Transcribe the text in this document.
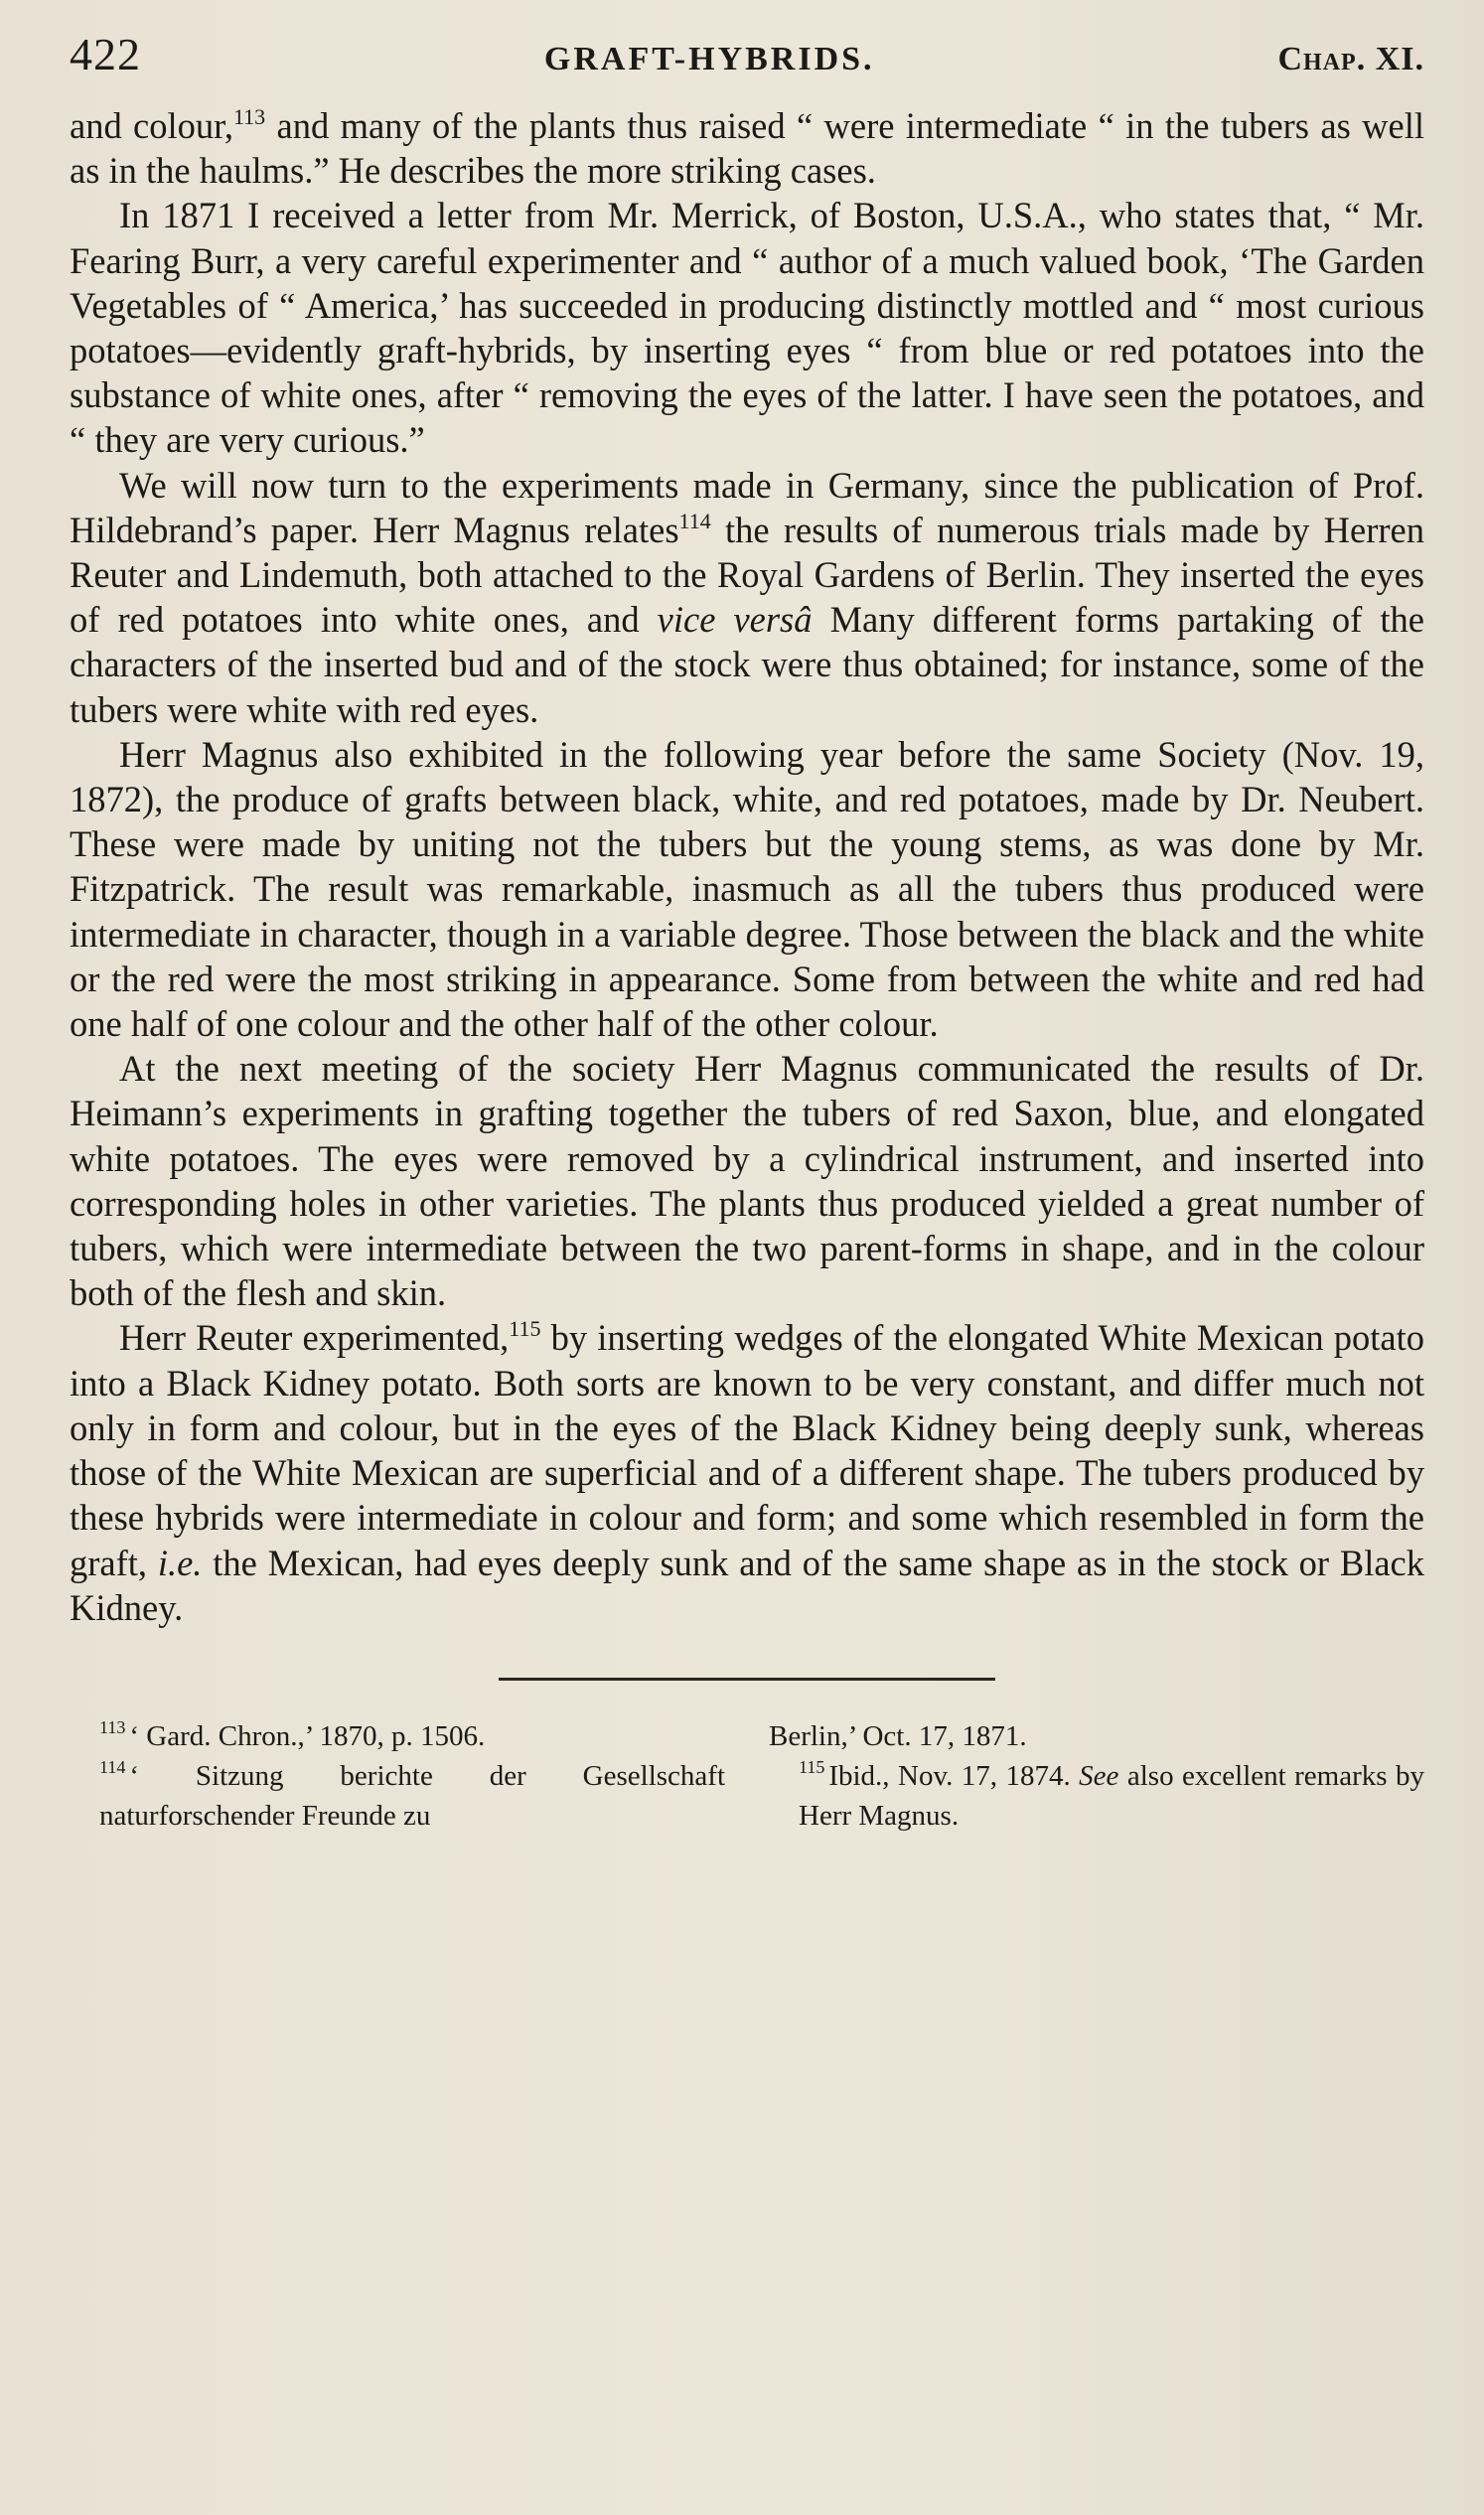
422	GRAFT-HYBRIDS.	Chap. XI.

and colour,$^{113}$ and many of the plants thus raised “ were intermediate “ in the tubers as well as in the haulms.” He describes the more striking cases.

In 1871 I received a letter from Mr. Merrick, of Boston, U.S.A., who states that, “ Mr. Fearing Burr, a very careful experimenter and “ author of a much valued book, ‘The Garden Vegetables of “ America,’ has succeeded in producing distinctly mottled and “ most curious potatoes—evidently graft-hybrids, by inserting eyes “ from blue or red potatoes into the substance of white ones, after “ removing the eyes of the latter. I have seen the potatoes, and “ they are very curious.”

We will now turn to the experiments made in Germany, since the publication of Prof. Hildebrand’s paper. Herr Magnus relates$^{114}$ the results of numerous trials made by Herren Reuter and Lindemuth, both attached to the Royal Gardens of Berlin. They inserted the eyes of red potatoes into white ones, and vice versâ Many different forms partaking of the characters of the inserted bud and of the stock were thus obtained; for instance, some of the tubers were white with red eyes.

Herr Magnus also exhibited in the following year before the same Society (Nov. 19, 1872), the produce of grafts between black, white, and red potatoes, made by Dr. Neubert. These were made by uniting not the tubers but the young stems, as was done by Mr. Fitzpatrick. The result was remarkable, inasmuch as all the tubers thus produced were intermediate in character, though in a variable degree. Those between the black and the white or the red were the most striking in appearance. Some from between the white and red had one half of one colour and the other half of the other colour.

At the next meeting of the society Herr Magnus communicated the results of Dr. Heimann’s experiments in grafting together the tubers of red Saxon, blue, and elongated white potatoes. The eyes were removed by a cylindrical instrument, and inserted into corresponding holes in other varieties. The plants thus produced yielded a great number of tubers, which were intermediate between the two parent-forms in shape, and in the colour both of the flesh and skin.

Herr Reuter experimented,$^{115}$ by inserting wedges of the elongated White Mexican potato into a Black Kidney potato. Both sorts are known to be very constant, and differ much not only in form and colour, but in the eyes of the Black Kidney being deeply sunk, whereas those of the White Mexican are superficial and of a different shape. The tubers produced by these hybrids were intermediate in colour and form; and some which resembled in form the graft, i.e. the Mexican, had eyes deeply sunk and of the same shape as in the stock or Black Kidney.

$^{113}$ ‘ Gard. Chron.,’ 1870, p. 1506.
$^{114}$ ‘ Sitzung berichte der Gesellschaft naturforschender Freunde zu
Berlin,’ Oct. 17, 1871.
$^{115}$ Ibid., Nov. 17, 1874. See also excellent remarks by Herr Magnus.
